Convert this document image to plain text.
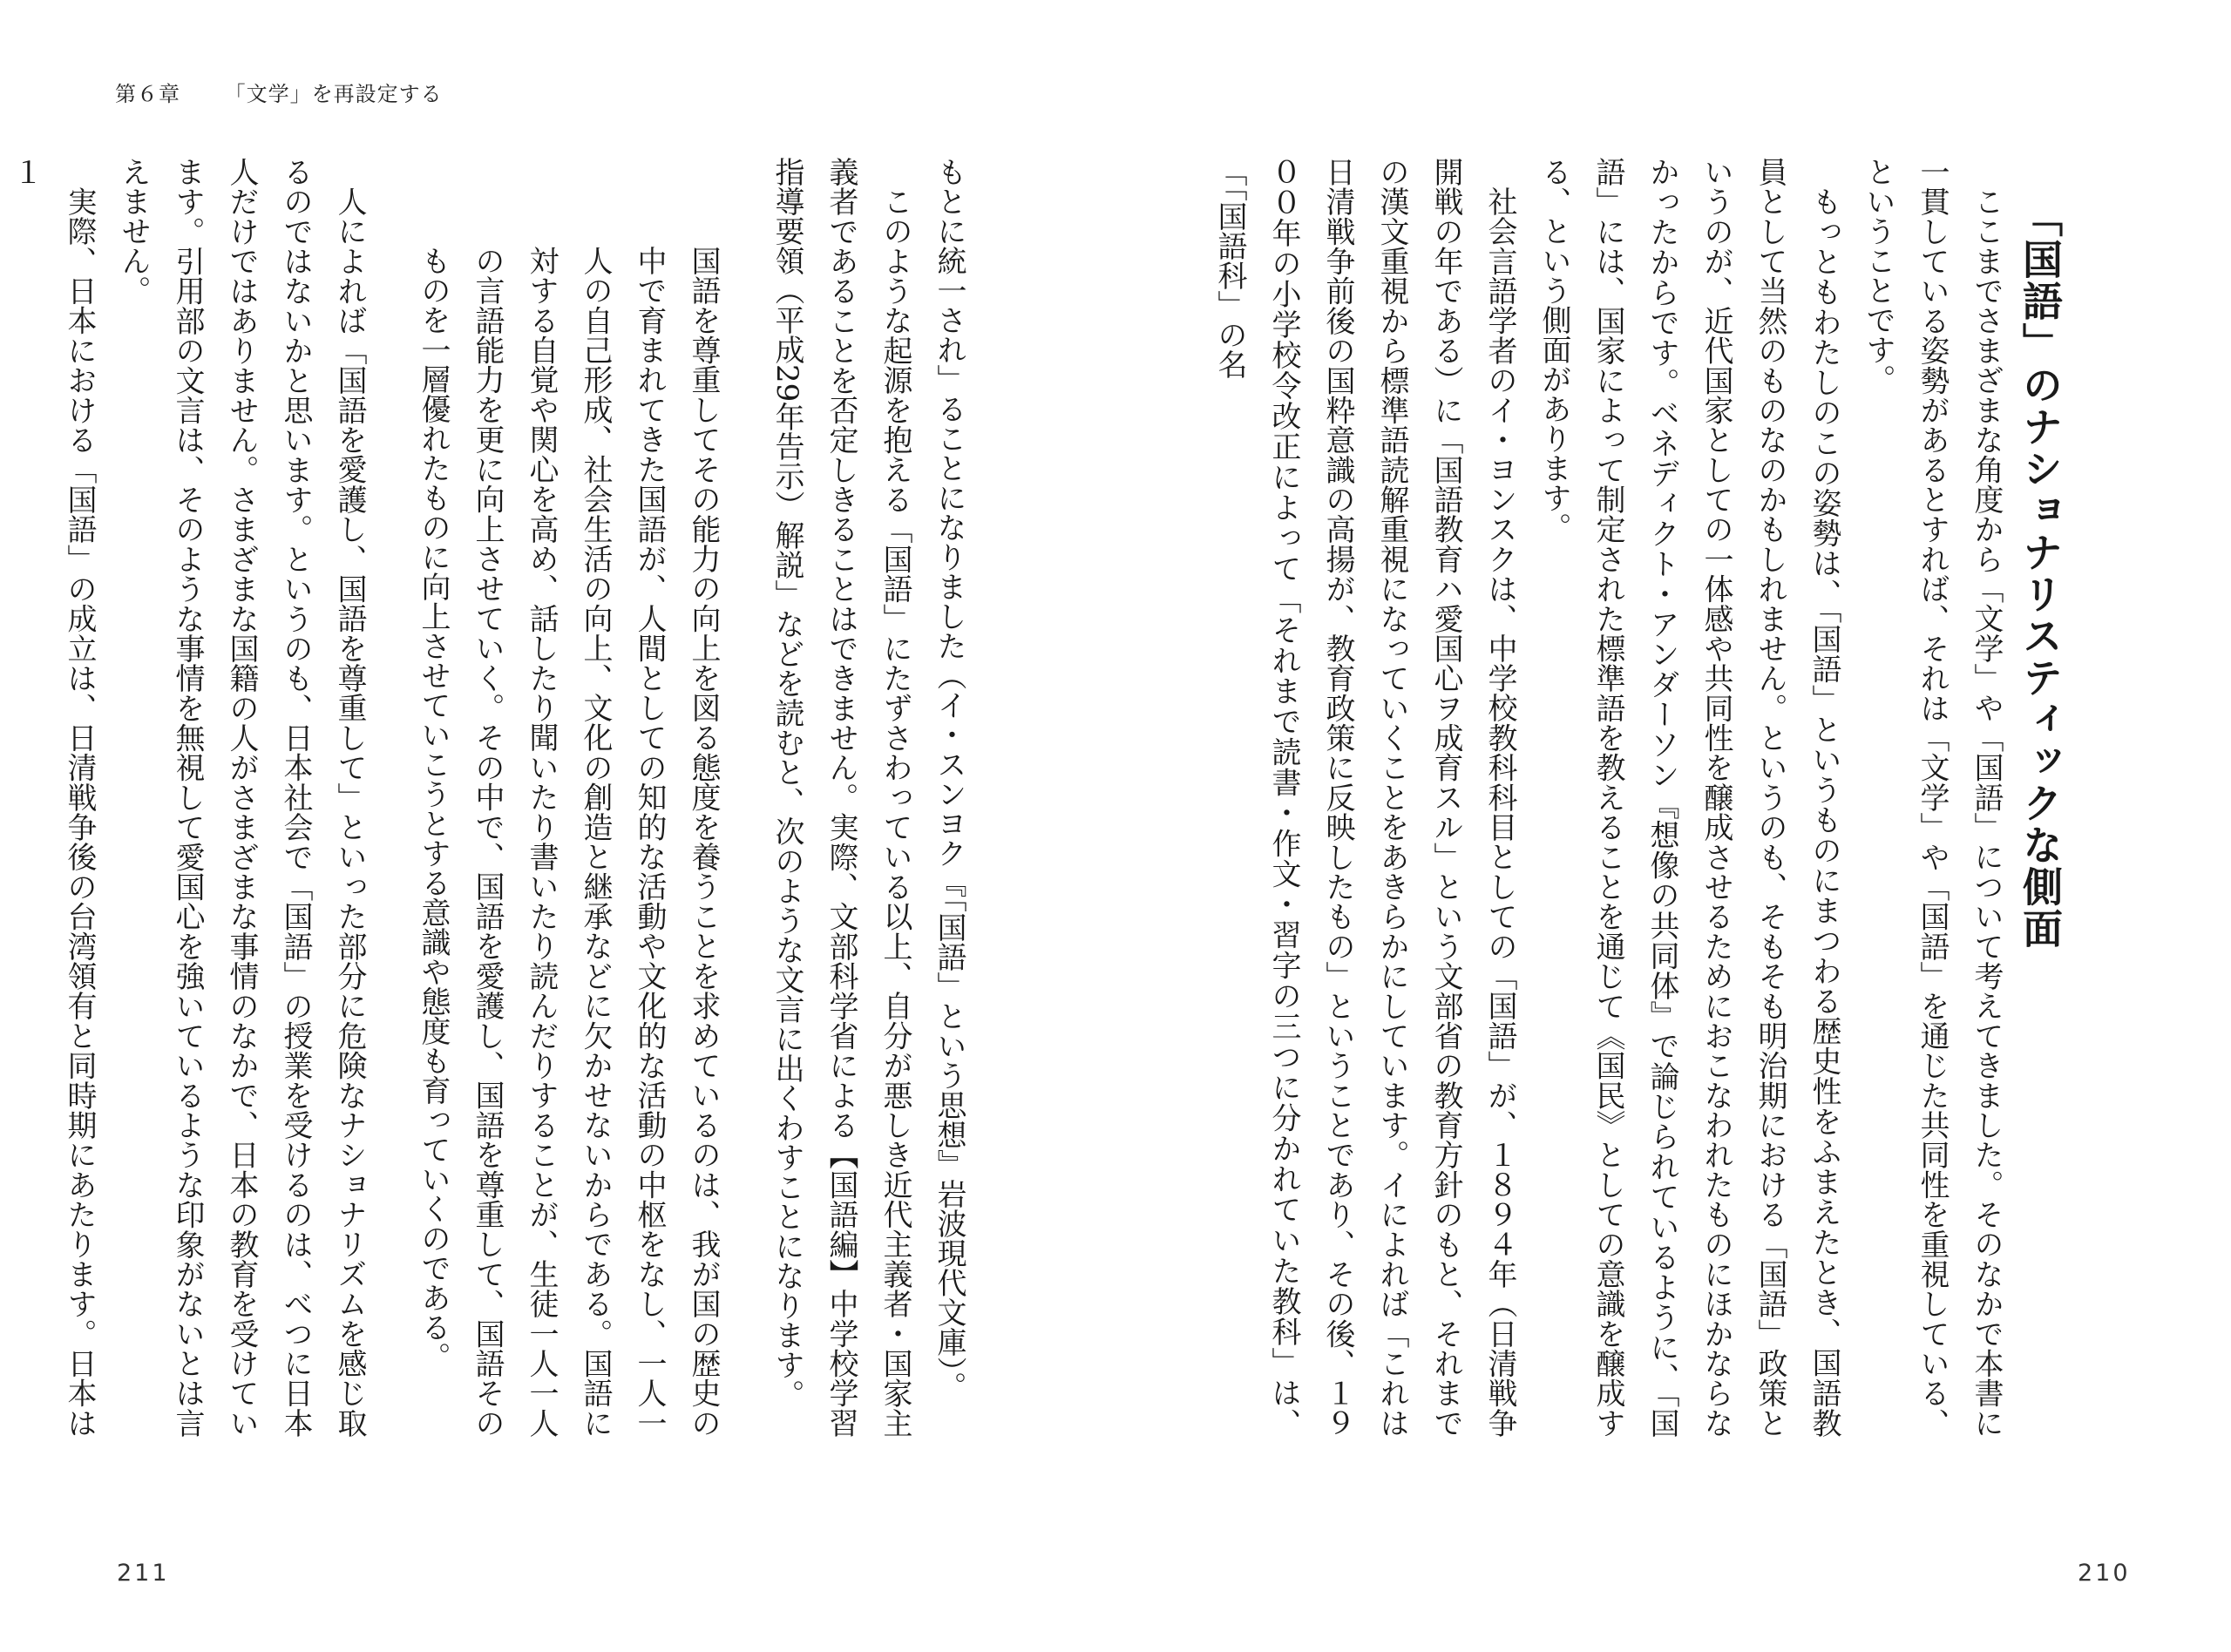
第６章 「文学」を再設定する

「国語」のナショナリスティックな側面

ここまでさまざまな角度から「文学」や「国語」について考えてきました。そのなかで本書に一貫している姿勢があるとすれば、それは「文学」や「国語」を通じた共同性を重視している、ということです。

もっともわたしのこの姿勢は、「国語」というものにまつわる歴史性をふまえたとき、国語教員として当然のものなのかもしれません。というのも、そもそも明治期における「国語」政策というのが、近代国家としての一体感や共同性を醸成させるためにおこなわれたものにほかならなかったからです。ベネディクト・アンダーソン『想像の共同体』で論じられているように、「国語」には、国家によって制定された標準語を教えることを通じて《国民》としての意識を醸成する、という側面があります。

社会言語学者のイ・ヨンスクは、中学校教科科目としての「国語」が、１８９４年（日清戦争開戦の年である）に「国語教育ハ愛国心ヲ成育スル」という文部省の教育方針のもと、それまでの漢文重視から標準語読解重視になっていくことをあきらかにしています。イによれば「これは日清戦争前後の国粋意識の高揚が、教育政策に反映したもの」ということであり、その後、１９００年の小学校令改正によって「それまで読書・作文・習字の三つに分かれていた教科」は、「「国語科」の名

もとに統一され」ることになりました（イ・スンヨク『「国語」という思想』岩波現代文庫）。

このような起源を抱える「国語」にたずさわっている以上、自分が悪しき近代主義者・国家主義者であることを否定しきることはできません。実際、文部科学省による【国語編】中学校学習指導要領（平成29年告示）解説」などを読むと、次のような文言に出くわすことになります。

国語を尊重してその能力の向上を図る態度を養うことを求めているのは、我が国の歴史の中で育まれてきた国語が、人間としての知的な活動や文化的な活動の中枢をなし、一人一人の自己形成、社会生活の向上、文化の創造と継承などに欠かせないからである。国語に対する自覚や関心を高め、話したり聞いたり書いたり読んだりすることが、生徒一人一人の言語能力を更に向上させていく。その中で、国語を愛護し、国語を尊重して、国語そのものを一層優れたものに向上させていこうとする意識や態度も育っていくのである。

人によれば「国語を愛護し、国語を尊重して」といった部分に危険なナショナリズムを感じ取るのではないかと思います。というのも、日本社会で「国語」の授業を受けるのは、べつに日本人だけではありません。さまざまな国籍の人がさまざまな事情のなかで、日本の教育を受けています。引用部の文言は、そのような事情を無視して愛国心を強いているような印象がないとは言えません。

実際、日本における「国語」の成立は、日清戦争後の台湾領有と同時期にあたります。日本は１

211	210
